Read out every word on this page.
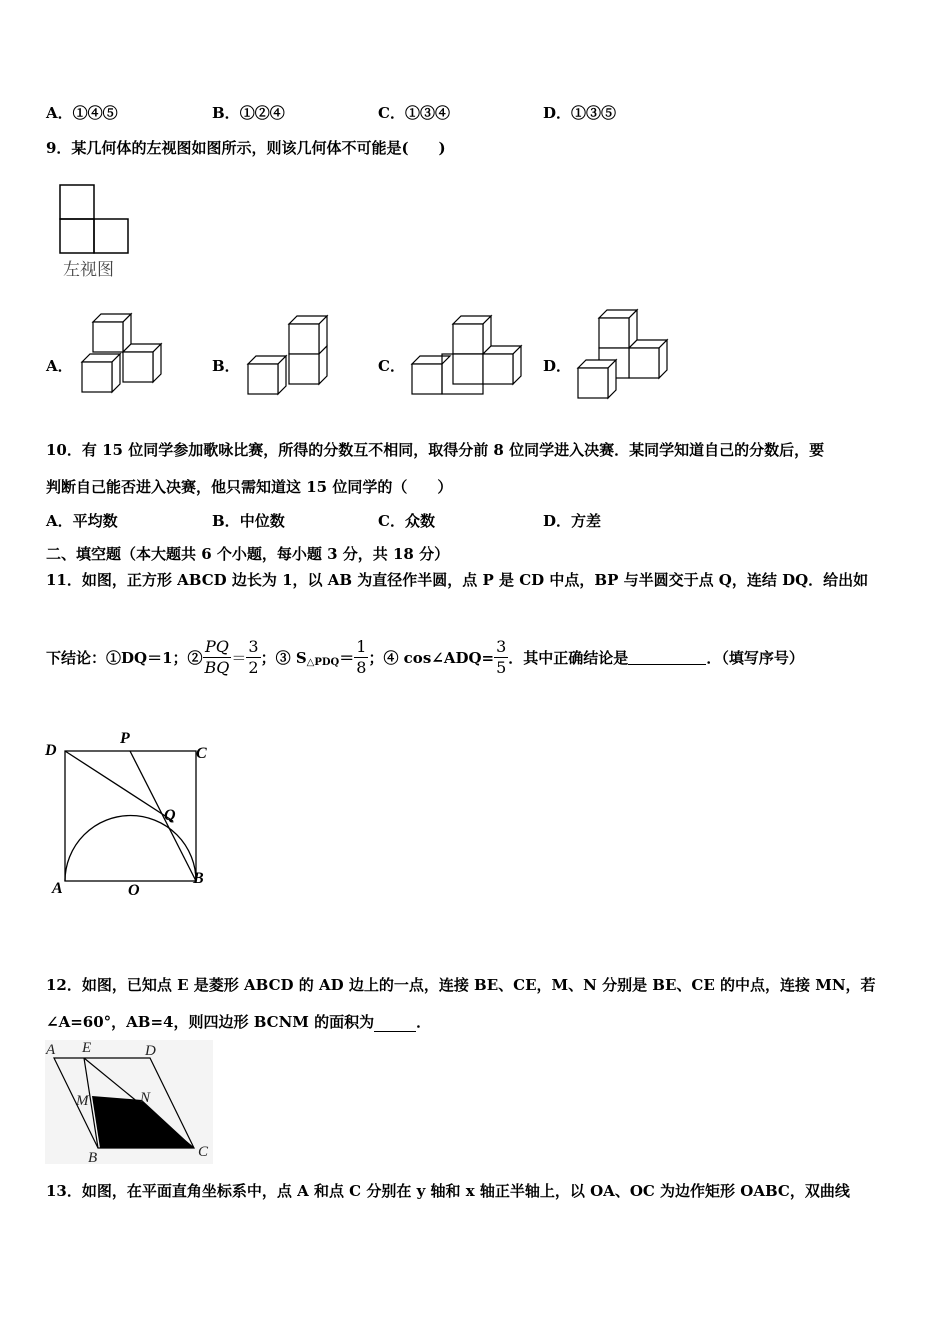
A．①④⑤	B．①②④	C．①③④	D．①③⑤
9．某几何体的左视图如图所示，则该几何体不可能是(　　)
左视图
A．	B．	C．	D．
10．有 15 位同学参加歌咏比赛，所得的分数互不相同，取得分前 8 位同学进入决赛．某同学知道自己的分数后，要
判断自己能否进入决赛，他只需知道这 15 位同学的（　　）
A．平均数	B．中位数	C．众数	D．方差
二、填空题（本大题共 6 个小题，每小题 3 分，共 18 分）
11．如图，正方形 ABCD 边长为 1，以 AB 为直径作半圆，点 P 是 CD 中点，BP 与半圆交于点 Q，连结 DQ．给出如
下结论：①DQ＝1；② $\frac{PQ}{BQ} = \frac{3}{2}$ ；③ S △PDQ ＝ $\frac{1}{8}$ ；④ cos∠ADQ= $\frac{3}{5}$ ．其中正确结论是	．（填写序号）
D
P
C
Q
A	O
B
12．如图，已知点 E 是菱形 ABCD 的 AD 边上的一点，连接 BE、CE，M、N 分别是 BE、CE 的中点，连接 MN，若
∠A=60°，AB=4，则四边形 BCNM 的面积为	．
A E	D
M	N
B	C
13．如图，在平面直角坐标系中，点 A 和点 C 分别在 y 轴和 x 轴正半轴上，以 OA、OC 为边作矩形 OABC，双曲线
